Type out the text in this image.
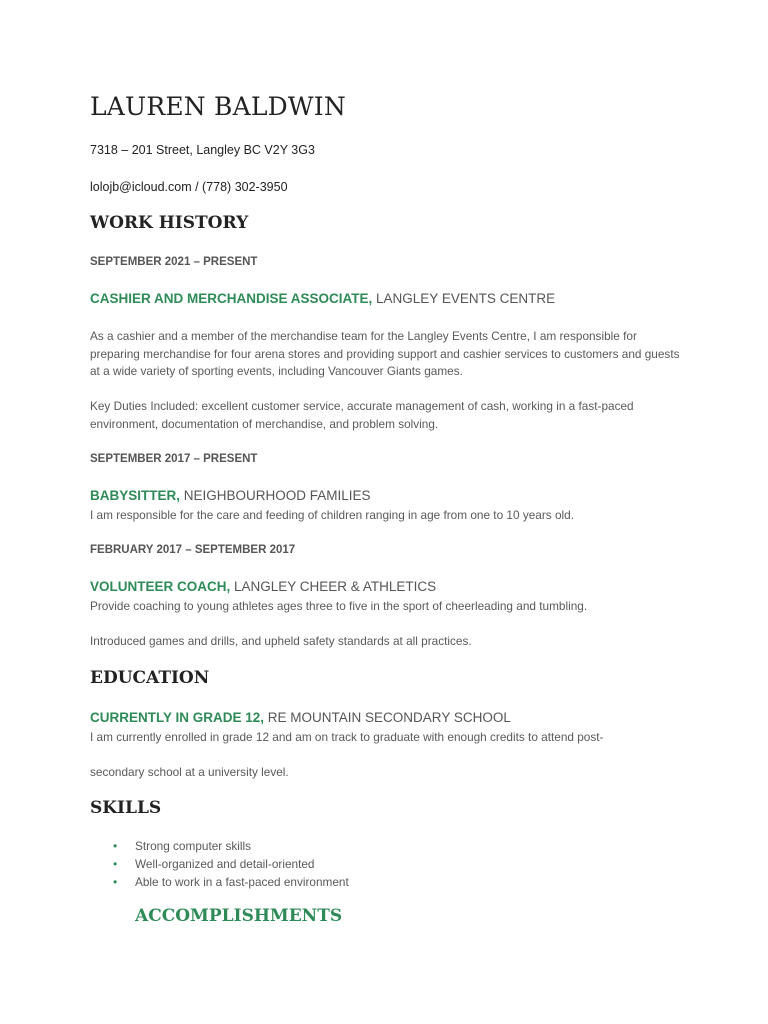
LAUREN BALDWIN

7318 – 201 Street, Langley BC V2Y 3G3

lolojb@icloud.com / (778) 302-3950

WORK HISTORY

SEPTEMBER 2021 – PRESENT

CASHIER AND MERCHANDISE ASSOCIATE, LANGLEY EVENTS CENTRE

As a cashier and a member of the merchandise team for the Langley Events Centre, I am responsible for preparing merchandise for four arena stores and providing support and cashier services to customers and guests at a wide variety of sporting events, including Vancouver Giants games.

Key Duties Included: excellent customer service, accurate management of cash, working in a fast-paced environment, documentation of merchandise, and problem solving.

SEPTEMBER 2017 – PRESENT

BABYSITTER, NEIGHBOURHOOD FAMILIES

I am responsible for the care and feeding of children ranging in age from one to 10 years old.

FEBRUARY 2017 – SEPTEMBER 2017

VOLUNTEER COACH, LANGLEY CHEER & ATHLETICS

Provide coaching to young athletes ages three to five in the sport of cheerleading and tumbling.

Introduced games and drills, and upheld safety standards at all practices.

EDUCATION

CURRENTLY IN GRADE 12, RE MOUNTAIN SECONDARY SCHOOL

I am currently enrolled in grade 12 and am on track to graduate with enough credits to attend post-

secondary school at a university level.

SKILLS
• Strong computer skills
• Well-organized and detail-oriented
• Able to work in a fast-paced environment
ACCOMPLISHMENTS
